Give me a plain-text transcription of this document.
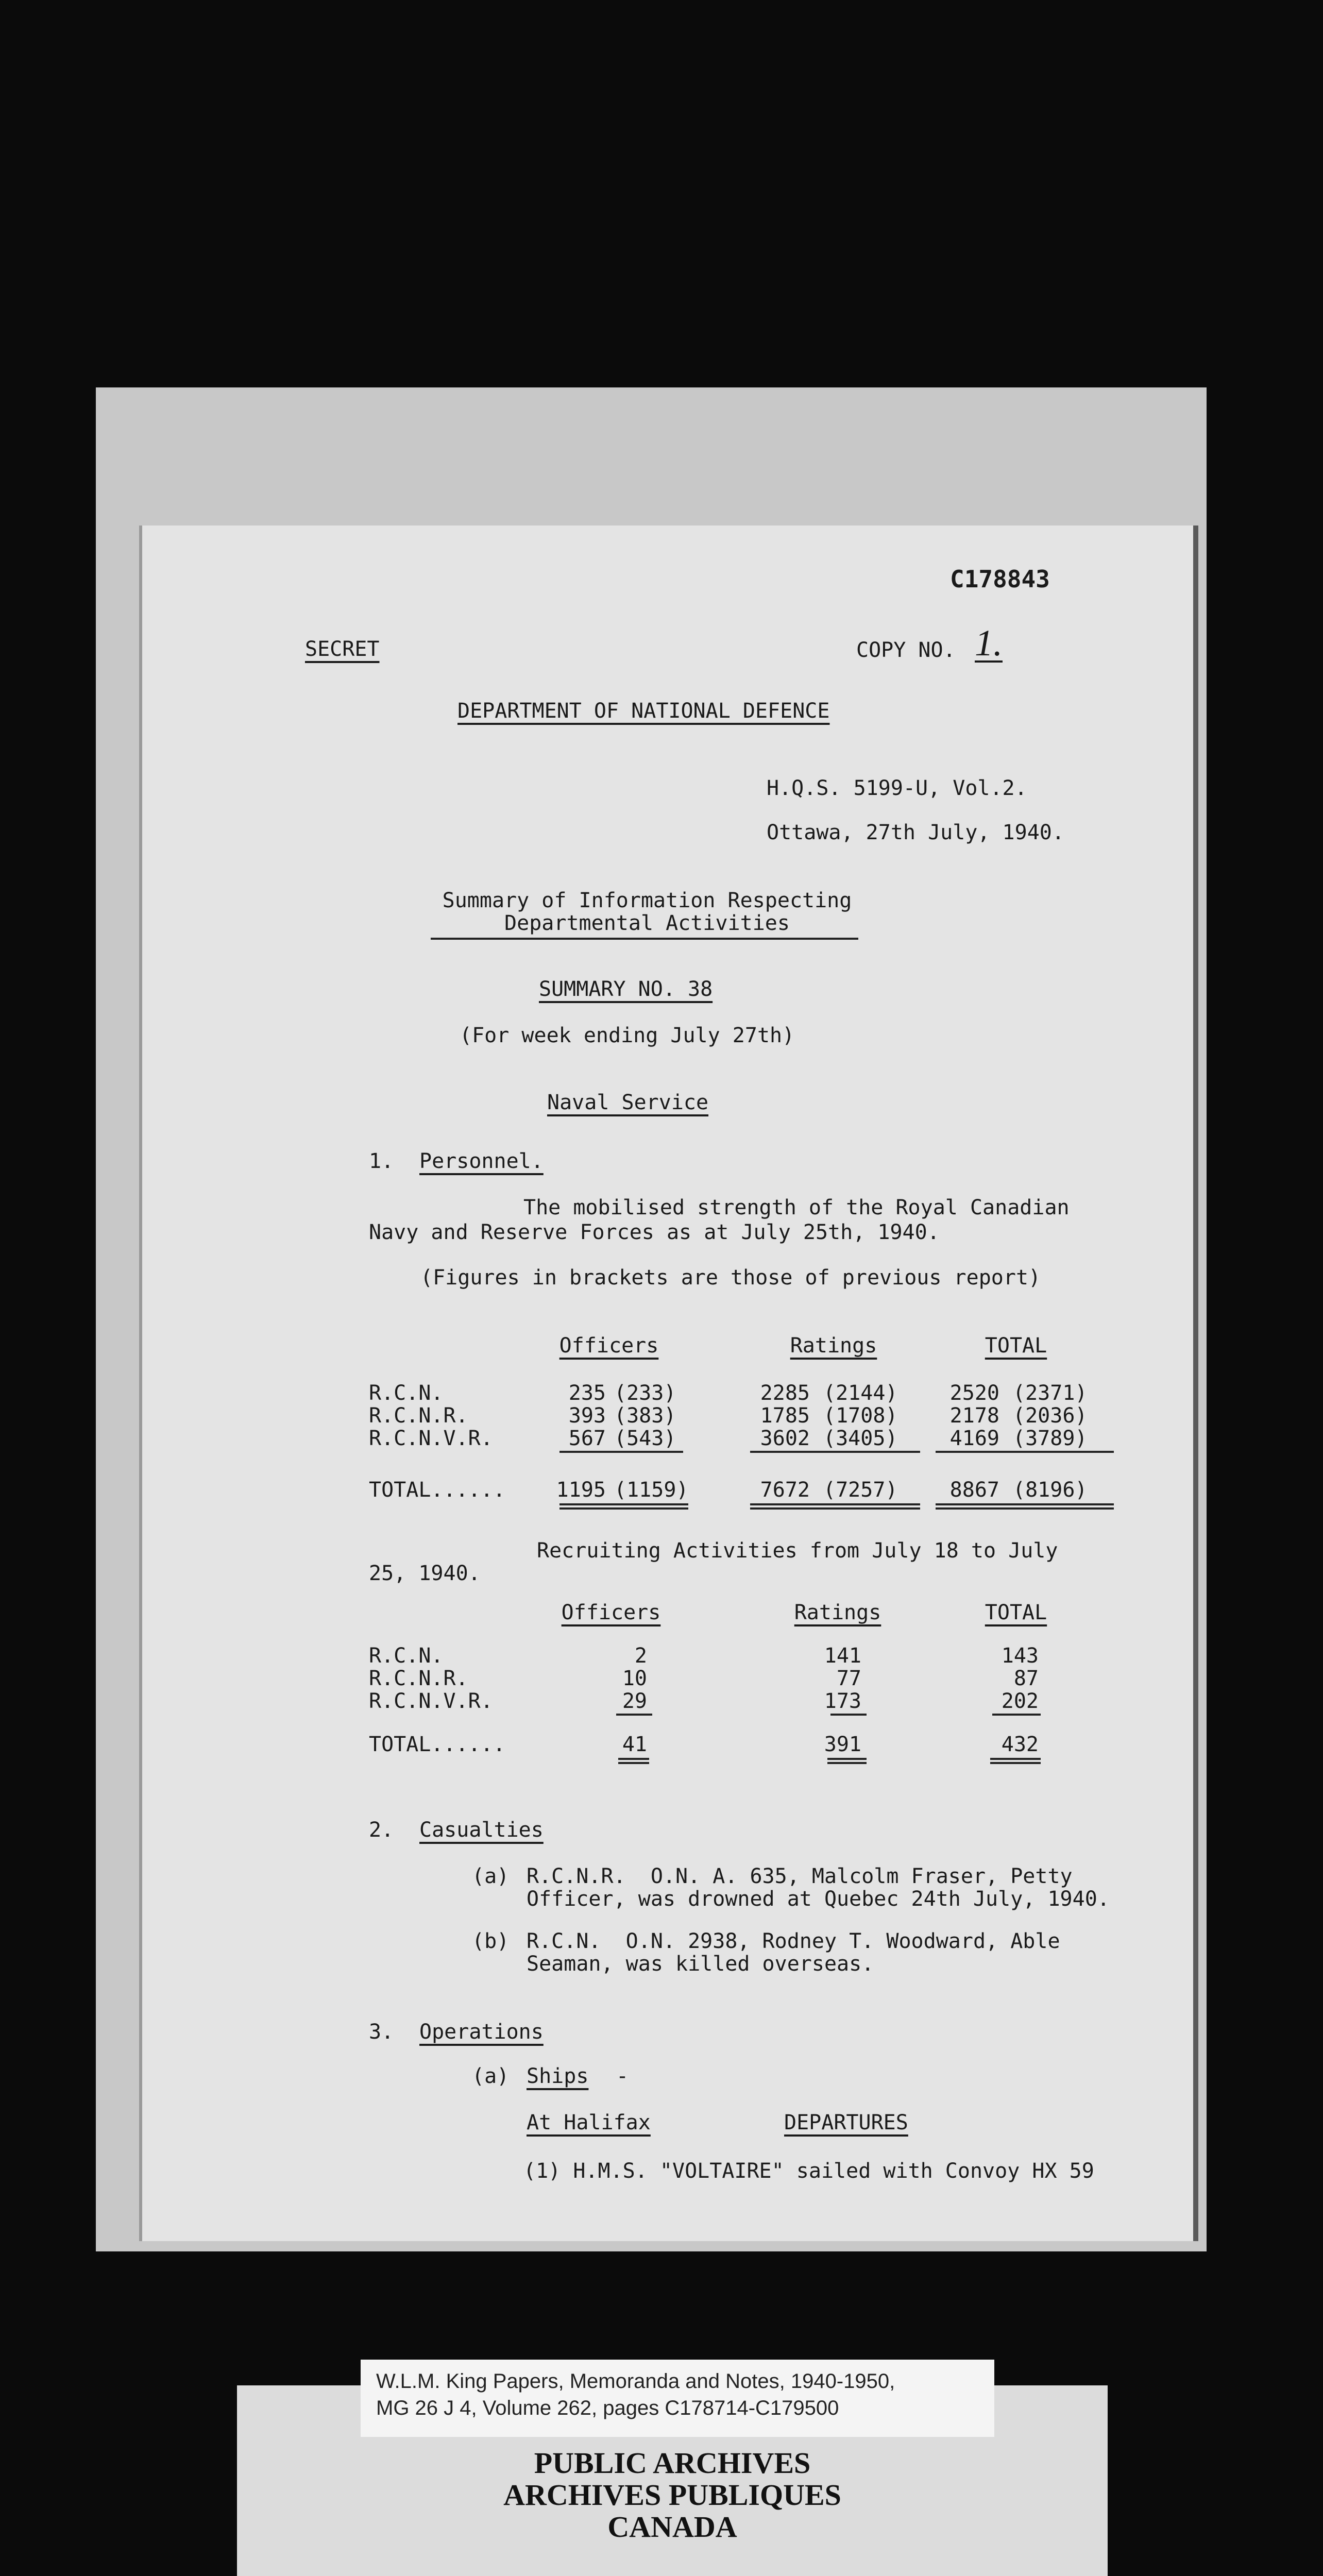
C178843
SECRET	COPY NO. 1.
DEPARTMENT OF NATIONAL DEFENCE
H.Q.S. 5199-U, Vol.2.
Ottawa, 27th July, 1940.
Summary of Information Respecting
Departmental Activities
SUMMARY NO. 38
(For week ending July 27th)
Naval Service
1. Personnel.
The mobilised strength of the Royal Canadian
Navy and Reserve Forces as at July 25th, 1940.
(Figures in brackets are those of previous report)
Officers	Ratings	TOTAL
R.C.N.	235 (233)	2285 (2144)	2520 (2371)
R.C.N.R.	393 (383)	1785 (1708)	2178 (2036)
R.C.N.V.R.	567 (543)	3602 (3405)	4169 (3789)
TOTAL......	1195 (1159)	7672 (7257)	8867 (8196)
Recruiting Activities from July 18 to July
25, 1940.
Officers	Ratings	TOTAL
R.C.N.	2	141	143
R.C.N.R.	10	77	87
R.C.N.V.R.	29	173	202
TOTAL......	41	391	432
2. Casualties
(a) R.C.N.R.  O.N. A. 635, Malcolm Fraser, Petty
Officer, was drowned at Quebec 24th July, 1940.
(b) R.C.N.  O.N. 2938, Rodney T. Woodward, Able
Seaman, was killed overseas.
3. Operations
(a) Ships -
At Halifax	DEPARTURES
(1) H.M.S. "VOLTAIRE" sailed with Convoy HX 59
W.L.M. King Papers, Memoranda and Notes, 1940-1950,
MG 26 J 4, Volume 262, pages C178714-C179500
PUBLIC ARCHIVES
ARCHIVES PUBLIQUES
CANADA
